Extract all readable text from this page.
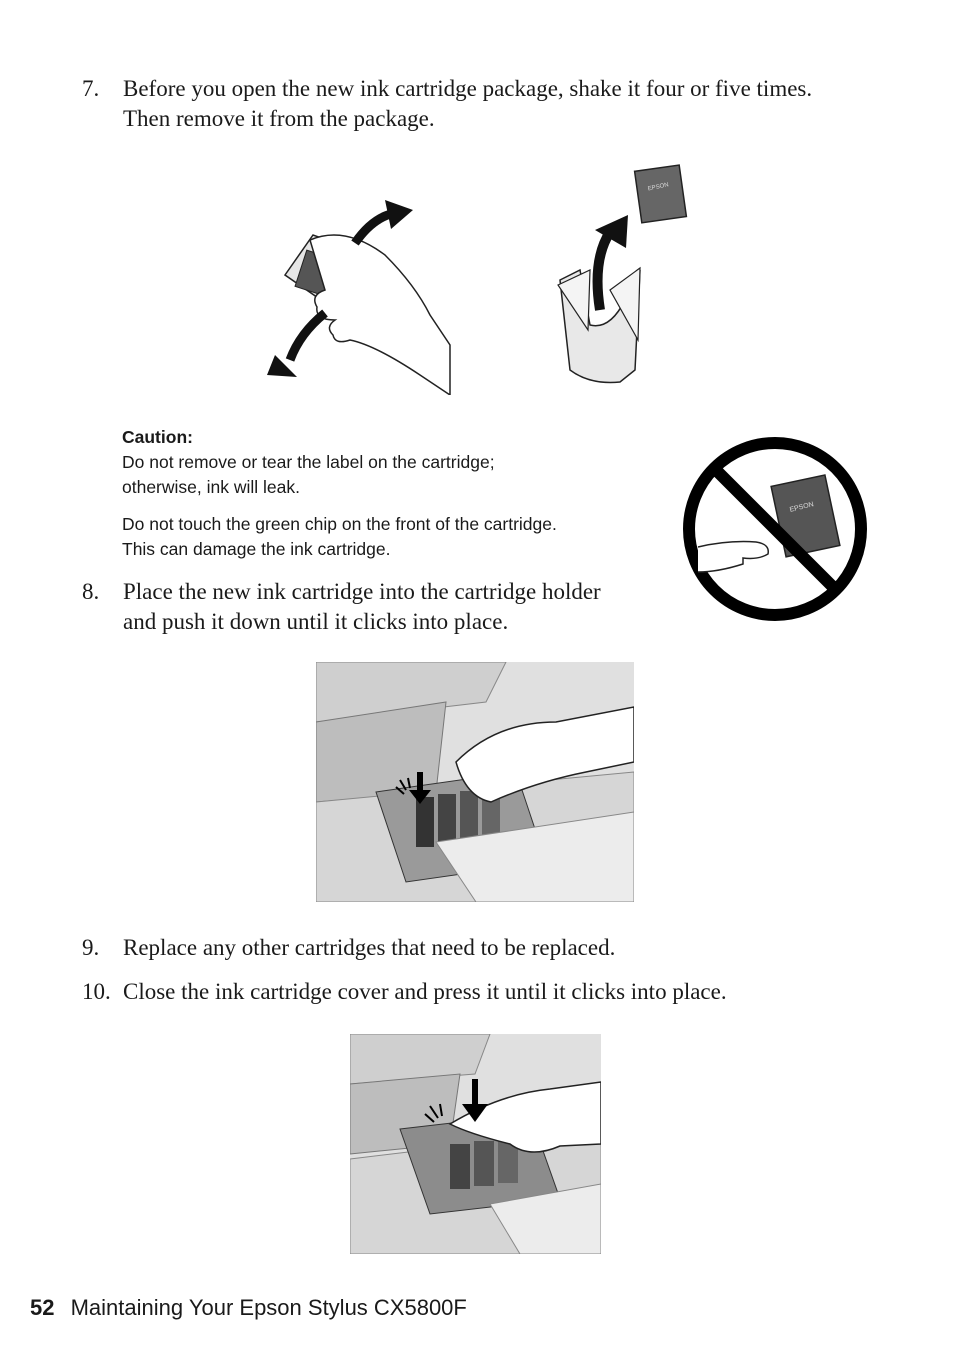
7. Before you open the new ink cartridge package, shake it four or five times.
Then remove it from the package.
EPSON
Caution:
Do not remove or tear the label on the cartridge;
otherwise, ink will leak.
Do not touch the green chip on the front of the cartridge.
This can damage the ink cartridge.
EPSON
8. Place the new ink cartridge into the cartridge holder
and push it down until it clicks into place.
9. Replace any other cartridges that need to be replaced.
10. Close the ink cartridge cover and press it until it clicks into place.
52 Maintaining Your Epson Stylus CX5800F
